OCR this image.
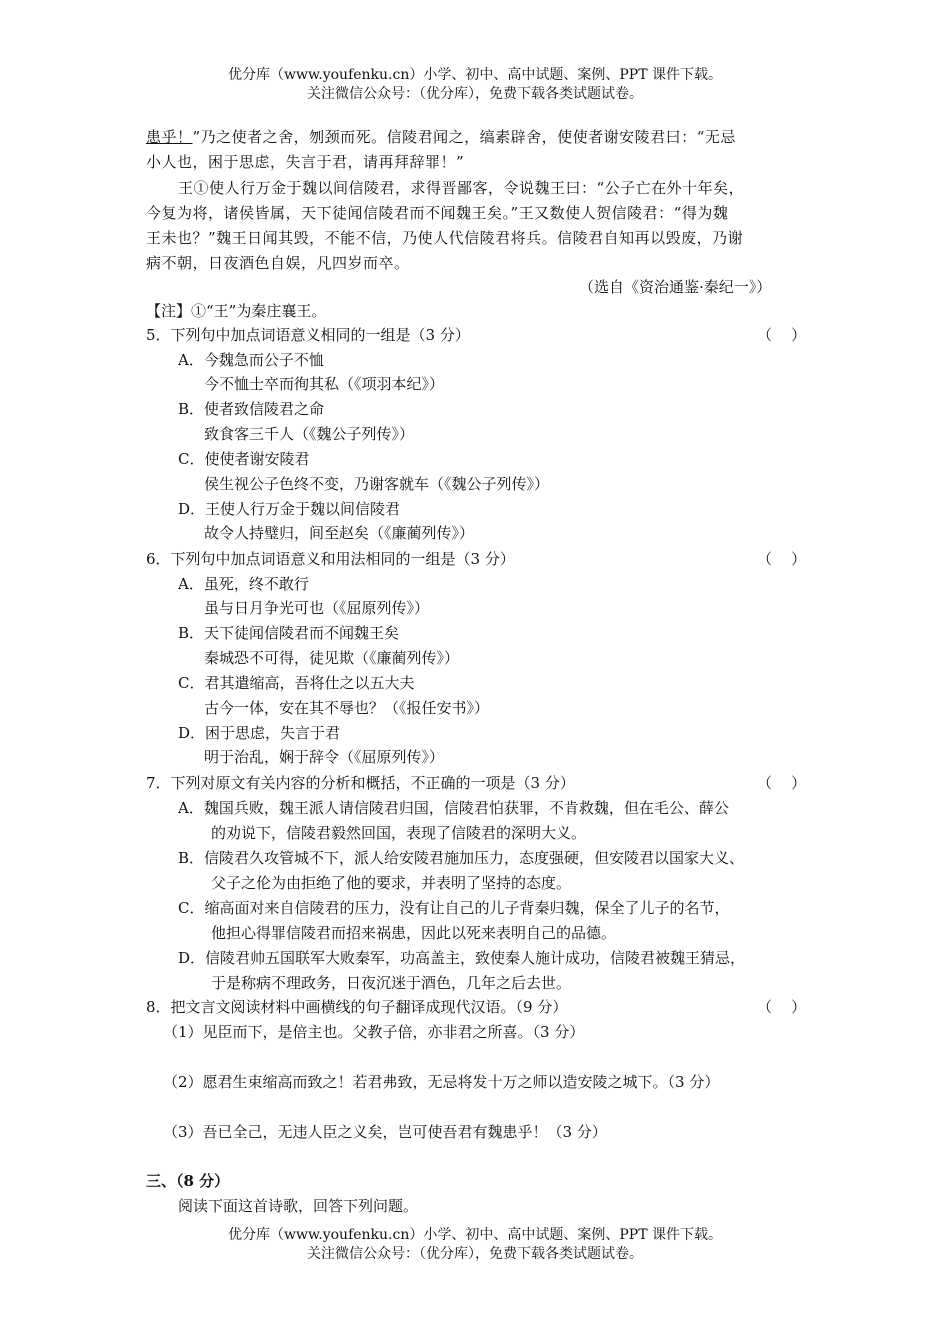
优分库（www.youfenku.cn）小学、初中、高中试题、案例、PPT 课件下载。
关注微信公众号：（优分库），免费下载各类试题试卷。
患乎！”乃之使者之舍，刎颈而死。信陵君闻之，缟素辟舍，使使者谢安陵君曰：“无忌
小人也，困于思虑，失言于君，请再拜辞罪！”
王①使人行万金于魏以间信陵君，求得晋鄙客，令说魏王曰：“公子亡在外十年矣，
今复为将，诸侯皆属，天下徒闻信陵君而不闻魏王矣。”王又数使人贺信陵君：“得为魏
王未也？”魏王日闻其毁，不能不信，乃使人代信陵君将兵。信陵君自知再以毁废，乃谢
病不朝，日夜酒色自娱，凡四岁而卒。
（选自《资治通鉴·秦纪一》）
【注】①“王”为秦庄襄王。
5．下列句中加点词语意义相同的一组是（3 分）	（    ）
A．今魏急而公子不恤
今不恤士卒而徇其私（《项羽本纪》）
B．使者致信陵君之命
致食客三千人（《魏公子列传》）
C．使使者谢安陵君
侯生视公子色终不变，乃谢客就车（《魏公子列传》）
D．王使人行万金于魏以间信陵君
故令人持璧归，间至赵矣（《廉蔺列传》）
6．下列句中加点词语意义和用法相同的一组是（3 分）	（    ）
A．虽死，终不敢行
虽与日月争光可也（《屈原列传》）
B．天下徒闻信陵君而不闻魏王矣
秦城恐不可得，徒见欺（《廉蔺列传》）
C．君其遣缩高，吾将仕之以五大夫
古今一体，安在其不辱也？（《报任安书》）
D．困于思虑，失言于君
明于治乱，娴于辞令（《屈原列传》）
7．下列对原文有关内容的分析和概括，不正确的一项是（3 分）	（    ）
A．魏国兵败，魏王派人请信陵君归国，信陵君怕获罪，不肯救魏，但在毛公、薛公
的劝说下，信陵君毅然回国，表现了信陵君的深明大义。
B．信陵君久攻管城不下，派人给安陵君施加压力，态度强硬，但安陵君以国家大义、
父子之伦为由拒绝了他的要求，并表明了坚持的态度。
C．缩高面对来自信陵君的压力，没有让自己的儿子背秦归魏，保全了儿子的名节，
他担心得罪信陵君而招来祸患，因此以死来表明自己的品德。
D．信陵君帅五国联军大败秦军，功高盖主，致使秦人施计成功，信陵君被魏王猜忌，
于是称病不理政务，日夜沉迷于酒色，几年之后去世。
8．把文言文阅读材料中画横线的句子翻译成现代汉语。（9 分）	（    ）
（1）见臣而下，是倍主也。父教子倍，亦非君之所喜。（3 分）
（2）愿君生束缩高而致之！若君弗致，无忌将发十万之师以造安陵之城下。（3 分）
（3）吾已全己，无违人臣之义矣，岂可使吾君有魏患乎！（3 分）
三、（8 分）
阅读下面这首诗歌，回答下列问题。
优分库（www.youfenku.cn）小学、初中、高中试题、案例、PPT 课件下载。
关注微信公众号：（优分库），免费下载各类试题试卷。
